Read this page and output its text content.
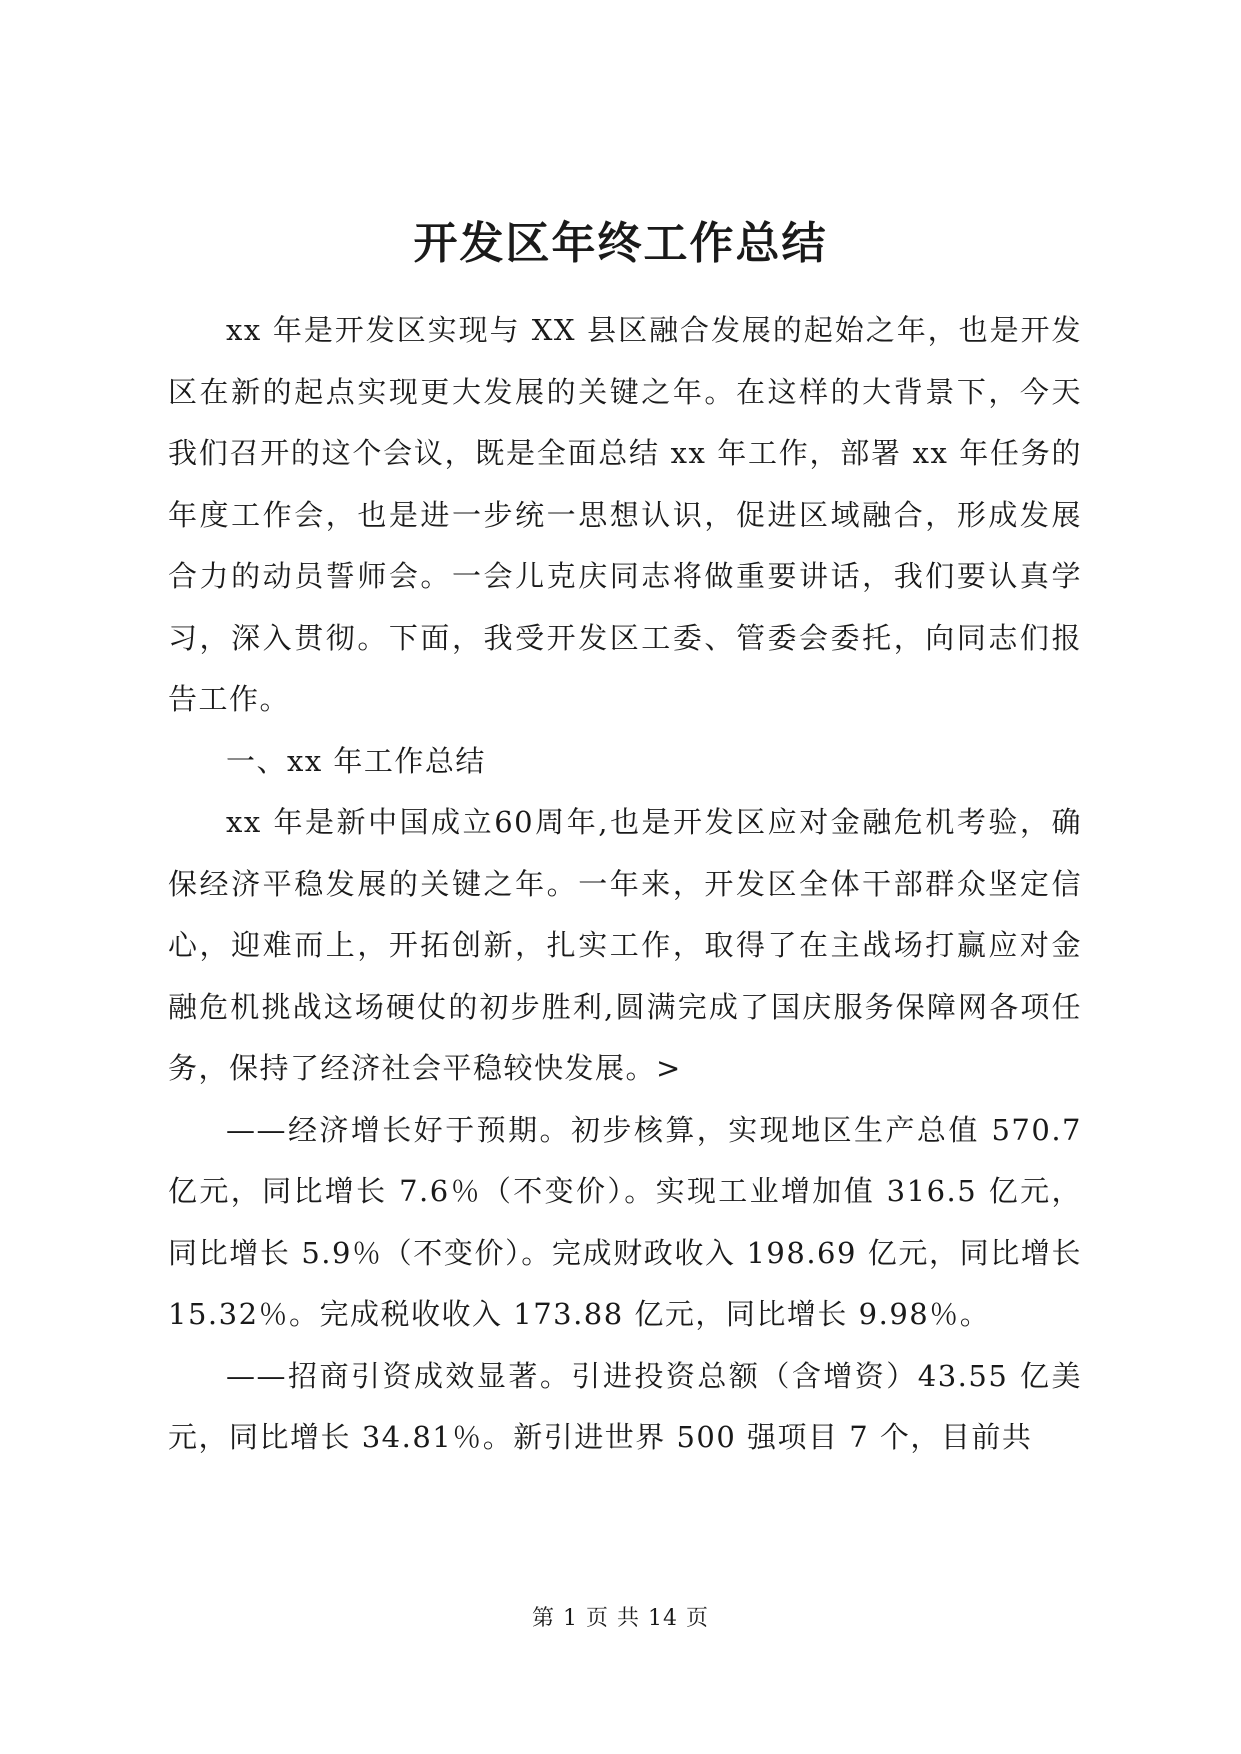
开发区年终工作总结

xx 年是开发区实现与 XX 县区融合发展的起始之年，也是开发区在新的起点实现更大发展的关键之年。在这样的大背景下，今天我们召开的这个会议，既是全面总结 xx 年工作，部署 xx 年任务的年度工作会，也是进一步统一思想认识，促进区域融合，形成发展合力的动员誓师会。一会儿克庆同志将做重要讲话，我们要认真学习，深入贯彻。下面，我受开发区工委、管委会委托，向同志们报告工作。

一、xx 年工作总结

xx 年是新中国成立60周年,也是开发区应对金融危机考验，确保经济平稳发展的关键之年。一年来，开发区全体干部群众坚定信心，迎难而上，开拓创新，扎实工作，取得了在主战场打赢应对金融危机挑战这场硬仗的初步胜利,圆满完成了国庆服务保障网各项任务，保持了经济社会平稳较快发展。>

——经济增长好于预期。初步核算，实现地区生产总值 570.7 亿元，同比增长 7.6％（不变价）。实现工业增加值 316.5 亿元，同比增长 5.9％（不变价）。完成财政收入 198.69 亿元，同比增长 15.32％。完成税收收入 173.88 亿元，同比增长 9.98％。

——招商引资成效显著。引进投资总额（含增资）43.55 亿美元，同比增长 34.81％。新引进世界 500 强项目 7 个，目前共

第 1 页 共 14 页
